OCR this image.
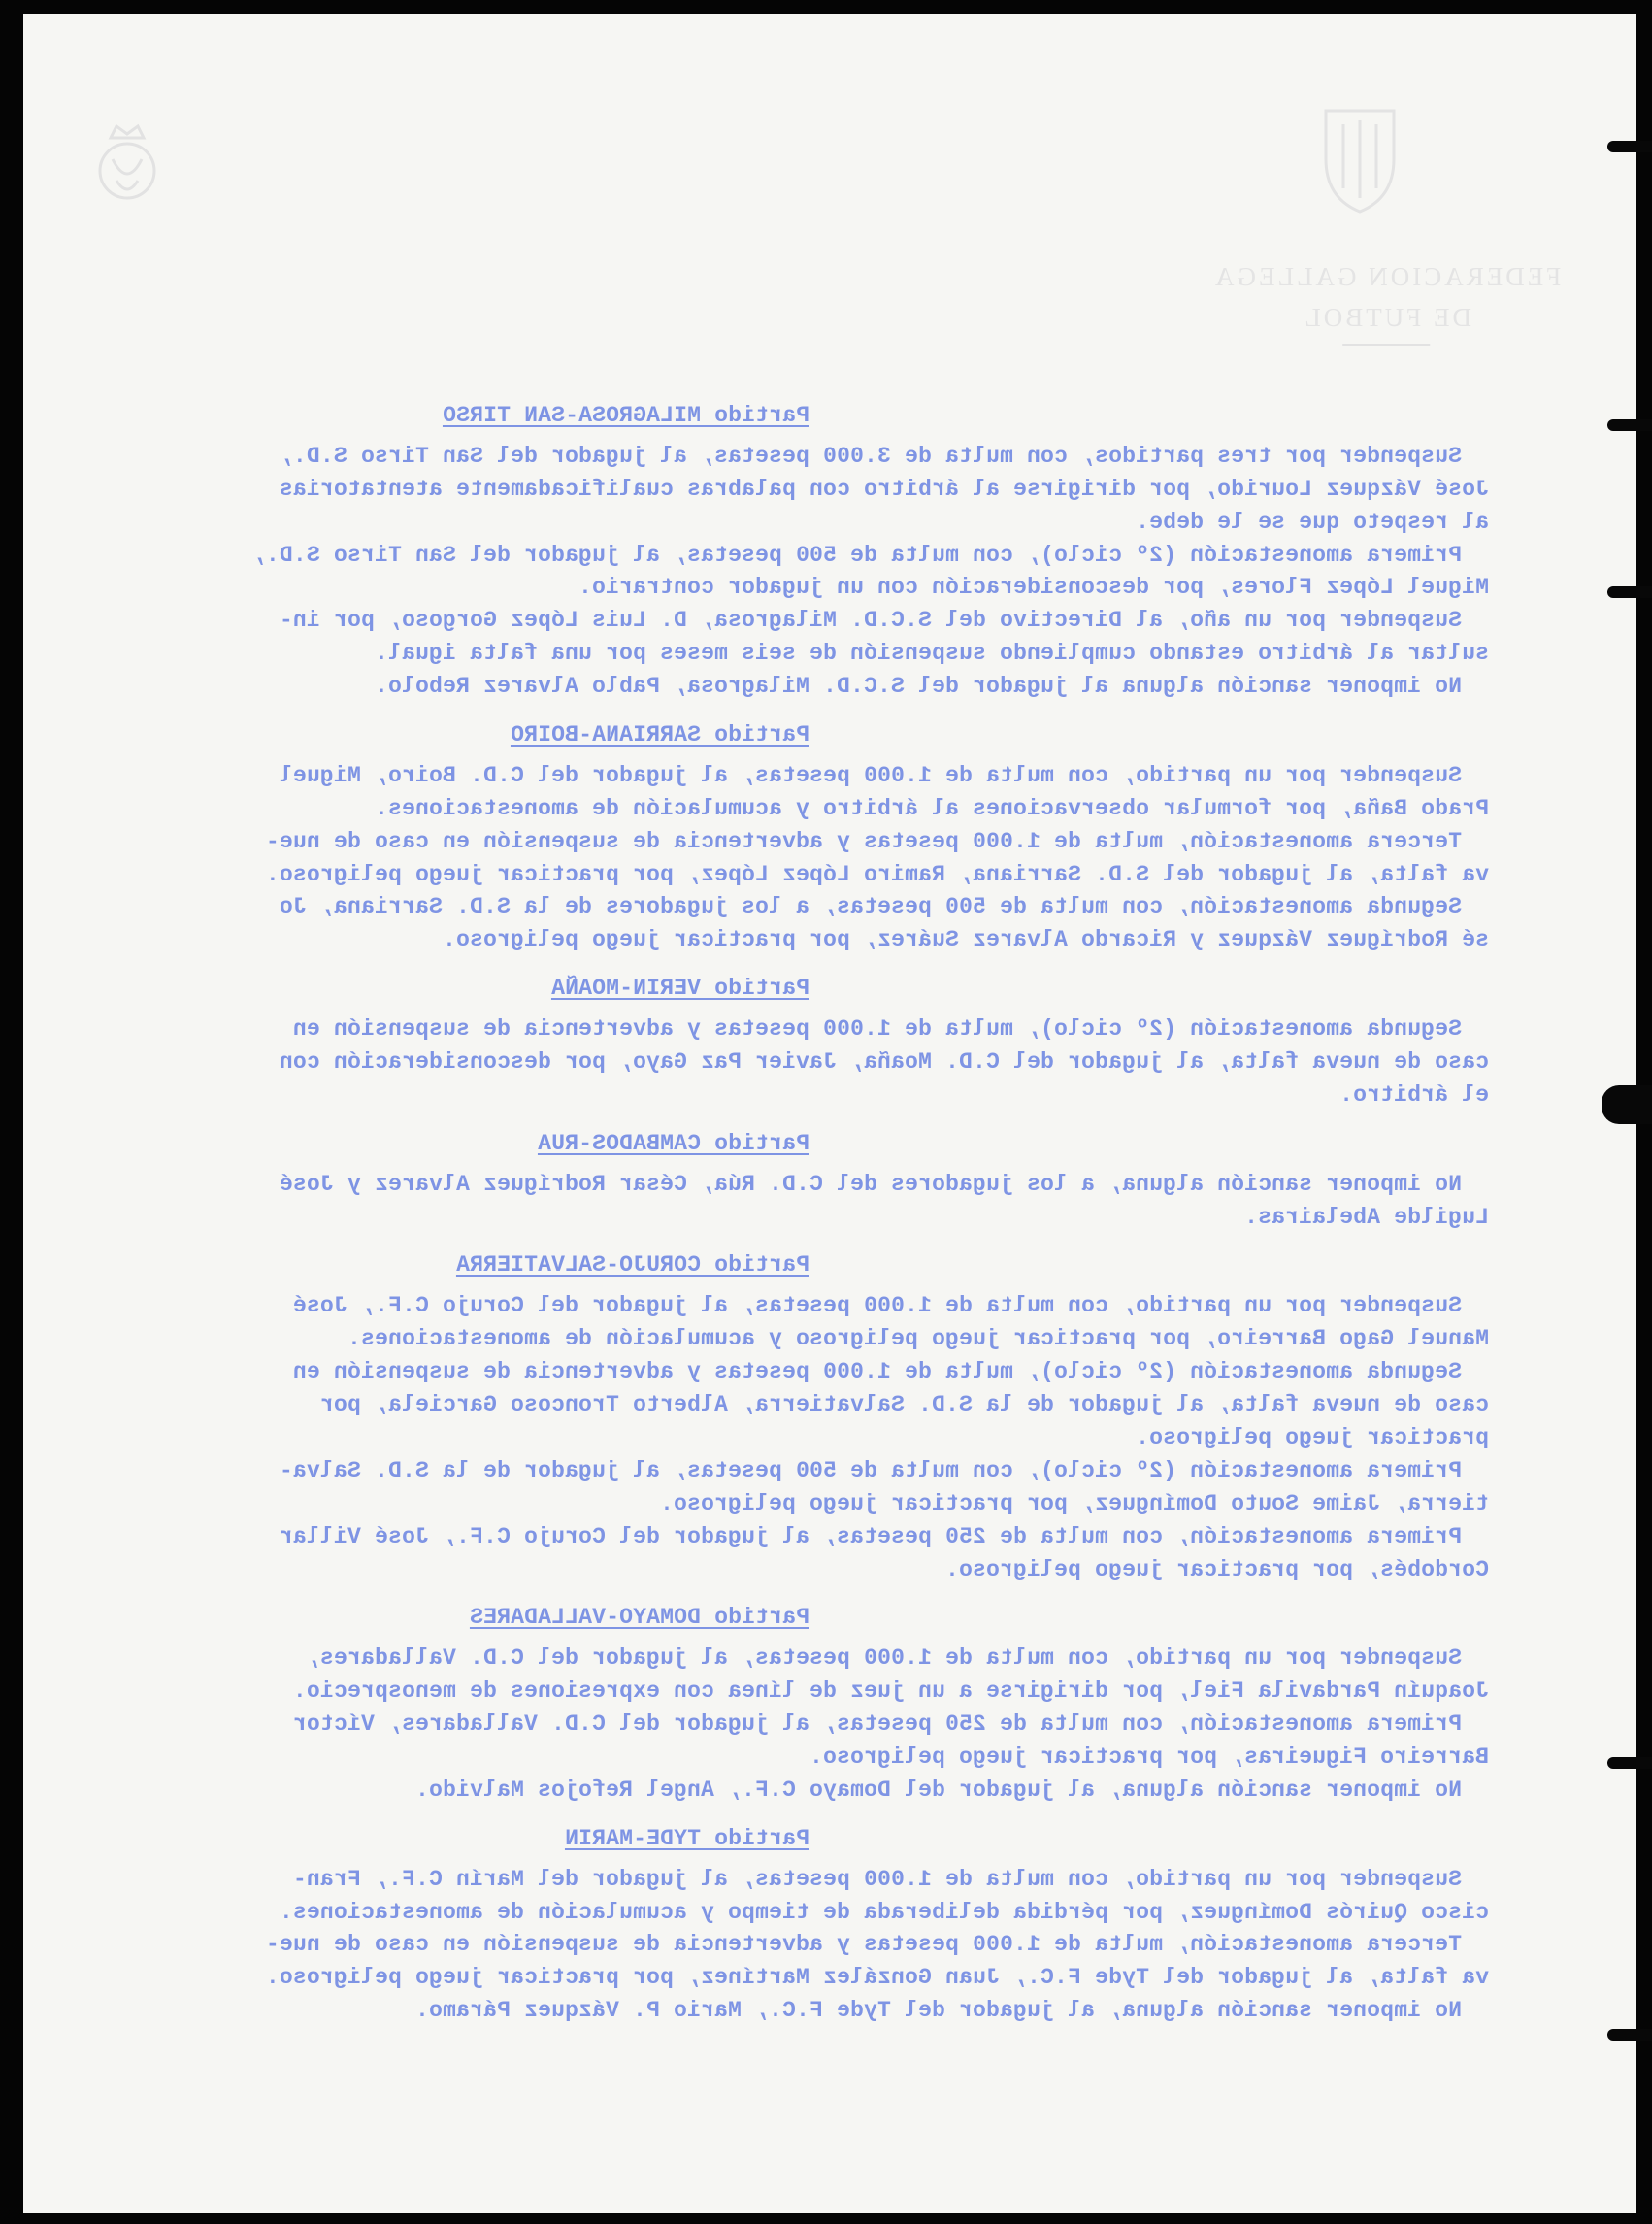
FEDERACION GALLEGA
DE FUTBOL
Partido MILAGROSA-SAN TIRSO
Suspender por tres partidos, con multa de 3.000 pesetas, al jugador del San Tirso S.D.,
José Vázquez Lourido, por dirigirse al árbitro con palabras cualificadamente atentatorias
al respeto que se le debe.
Primera amonestación (2º ciclo), con multa de 500 pesetas, al jugador del San Tirso S.D.,
Miguel López Flores, por desconsideración con un jugador contrario.
Suspender por un año, al Directivo del S.C.D. Milagrosa, D. Luis López Gorgoso, por in-
sultar al árbitro estando cumpliendo suspensión de seis meses por una falta igual.
No imponer sanción alguna al jugador del S.C.D. Milagrosa, Pablo Alvarez Rebolo.
Partido SARRIANA-BOIRO
Suspender por un partido, con multa de 1.000 pesetas, al jugador del C.D. Boiro, Miguel
Prado Baña, por formular observaciones al árbitro y acumulación de amonestaciones.
Tercera amonestación, multa de 1.000 pesetas y advertencia de suspensión en caso de nue-
va falta, al jugador del S.D. Sarriana, Ramiro López López, por practicar juego peligroso.
Segunda amonestación, con multa de 500 pesetas, a los jugadores de la S.D. Sarriana, Jo
sé Rodríguez Vázquez y Ricardo Alvarez Suárez, por practicar juego peligroso.
Partido VERIN-MOAÑA
Segunda amonestación (2º ciclo), multa de 1.000 pesetas y advertencia de suspensión en
caso de nueva falta, al jugador del C.D. Moaña, Javier Paz Gayo, por desconsideración con
el árbitro.
Partido CAMBADOS-RUA
No imponer sanción alguna, a los jugadores del C.D. Rúa, César Rodríguez Alvarez y José
Lugilde Abelairas.
Partido CORUJO-SALVATIERRA
Suspender por un partido, con multa de 1.000 pesetas, al jugador del Corujo C.F., José
Manuel Gago Barreiro, por practicar juego peligroso y acumulación de amonestaciones.
Segunda amonestación (2º ciclo), multa de 1.000 pesetas y advertencia de suspensión en
caso de nueva falta, al jugador de la S.D. Salvatierra, Alberto Troncoso Garciela, por
practicar juego peligroso.
Primera amonestación (2º ciclo), con multa de 500 pesetas, al jugador de la S.D. Salva-
tierra, Jaime Souto Domínguez, por practicar juego peligroso.
Primera amonestación, con multa de 250 pesetas, al jugador del Corujo C.F., José Villar
Cordobés, por practicar juego peligroso.
Partido DOMAYO-VALLADARES
Suspender por un partido, con multa de 1.000 pesetas, al jugador del C.D. Valladares,
Joaquín Pardavila Fiel, por dirigirse a un juez de línea con expresiones de menosprecio.
Primera amonestación, con multa de 250 pesetas, al jugador del C.D. Valladares, Víctor
Barreiro Figueiras, por practicar juego peligroso.
No imponer sanción alguna, al jugador del Domayo C.F., Angel Refojos Malvido.
Partido TYDE-MARIN
Suspender por un partido, con multa de 1.000 pesetas, al jugador del Marín C.F., Fran-
cisco Quirós Domínguez, por pérdida deliberada de tiempo y acumulación de amonestaciones.
Tercera amonestación, multa de 1.000 pesetas y advertencia de suspensión en caso de nue-
va falta, al jugador del Tyde F.C., Juan González Martínez, por practicar juego peligroso.
No imponer sanción alguna, al jugador del Tyde F.C., Mario P. Vázquez Páramo.
